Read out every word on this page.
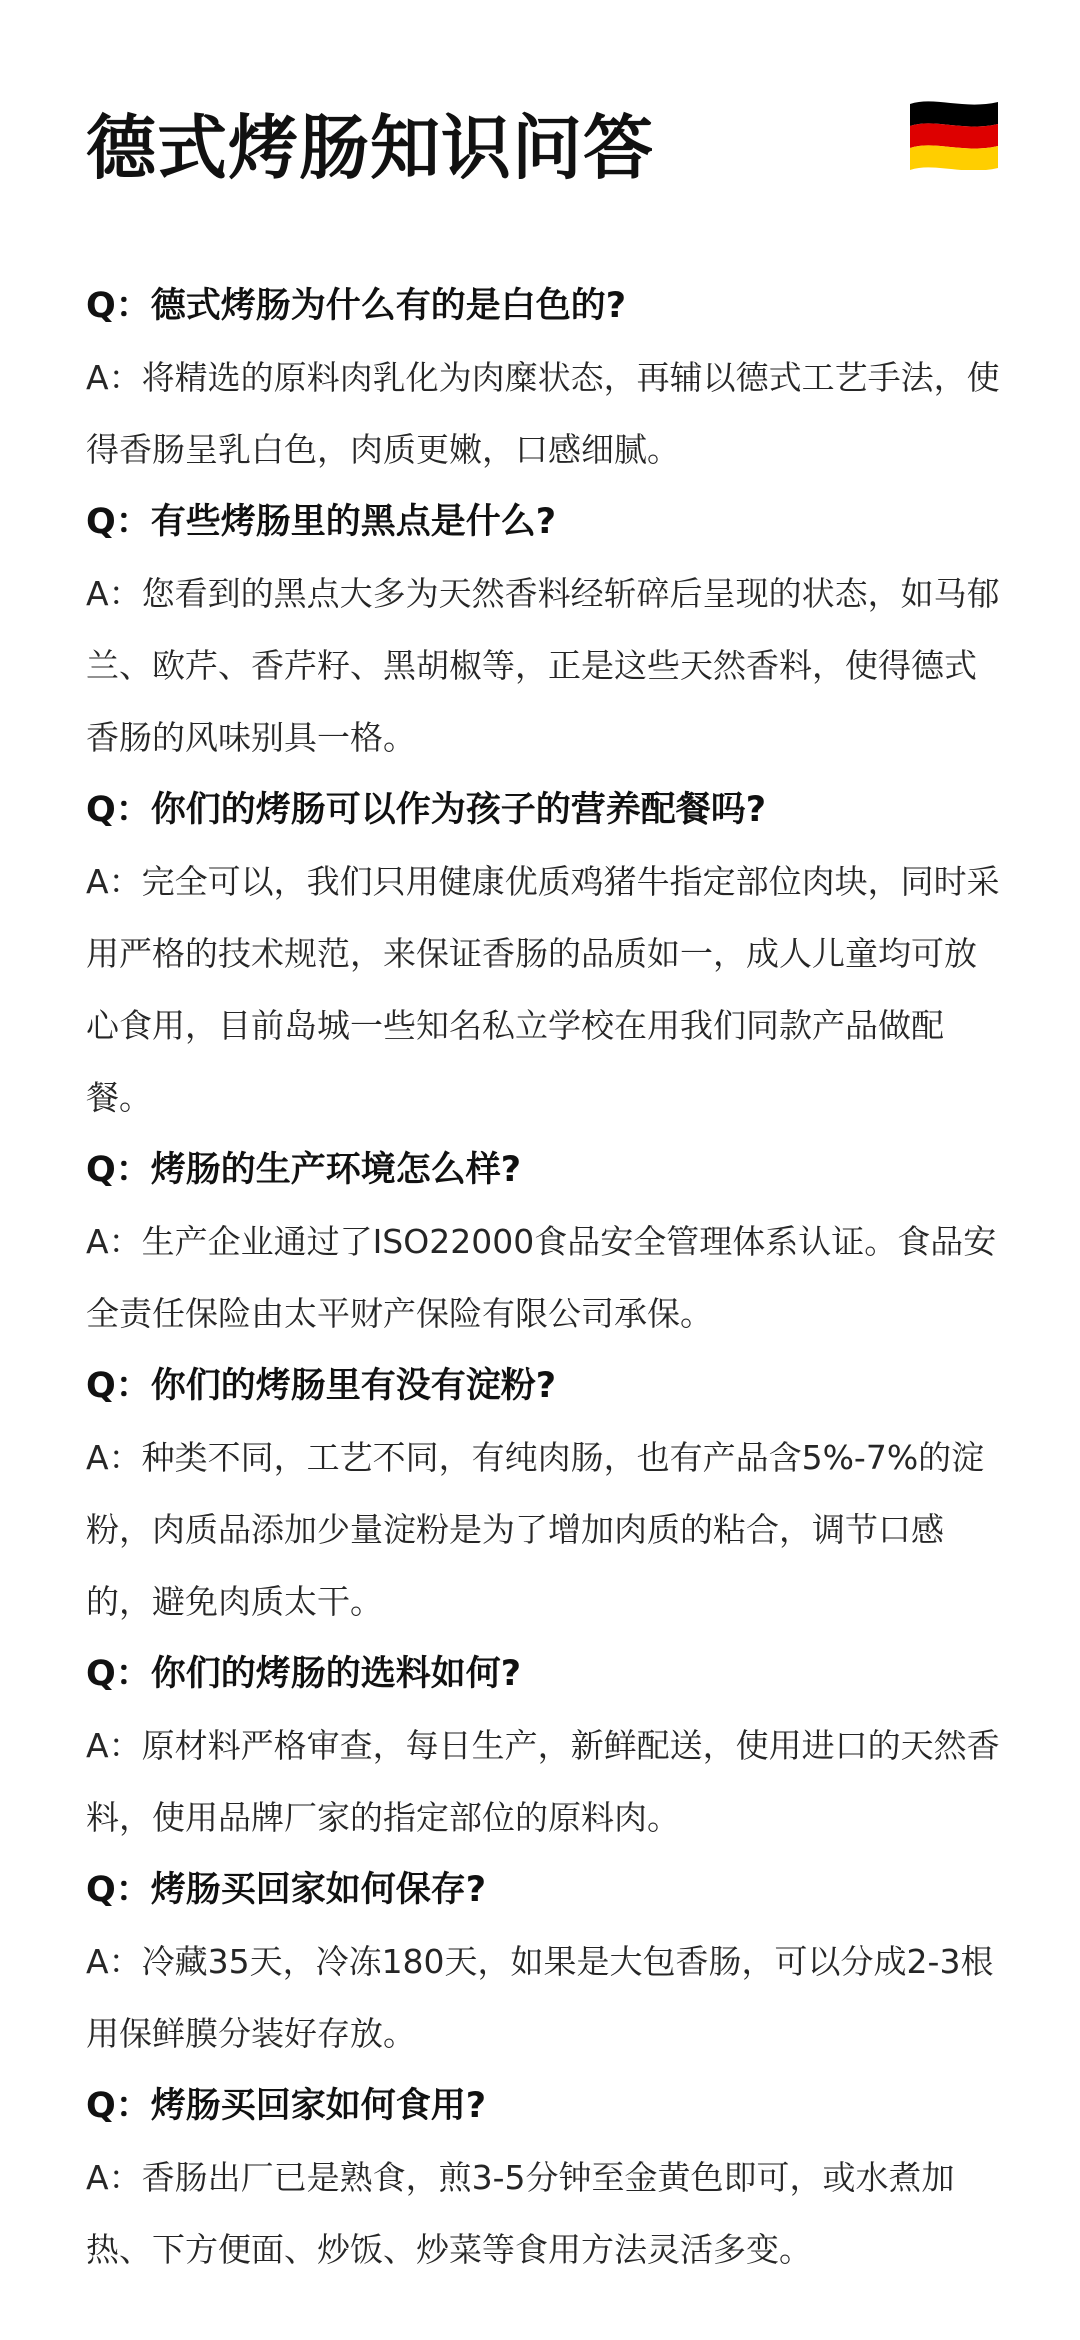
德式烤肠知识问答
Q：德式烤肠为什么有的是白色的?

A：将精选的原料肉乳化为肉糜状态，再辅以德式工艺手法，使得香肠呈乳白色，肉质更嫩，口感细腻。

Q：有些烤肠里的黑点是什么?

A：您看到的黑点大多为天然香料经斩碎后呈现的状态，如马郁兰、欧芹、香芹籽、黑胡椒等，正是这些天然香料，使得德式香肠的风味别具一格。

Q：你们的烤肠可以作为孩子的营养配餐吗?

A：完全可以，我们只用健康优质鸡猪牛指定部位肉块，同时采用严格的技术规范，来保证香肠的品质如一，成人儿童均可放心食用，目前岛城一些知名私立学校在用我们同款产品做配餐。

Q：烤肠的生产环境怎么样?

A：生产企业通过了ISO22000食品安全管理体系认证。食品安全责任保险由太平财产保险有限公司承保。

Q：你们的烤肠里有没有淀粉?

A：种类不同，工艺不同，有纯肉肠，也有产品含5%-7%的淀粉，肉质品添加少量淀粉是为了增加肉质的粘合，调节口感的，避免肉质太干。

Q：你们的烤肠的选料如何?

A：原材料严格审查，每日生产，新鲜配送，使用进口的天然香料，使用品牌厂家的指定部位的原料肉。

Q：烤肠买回家如何保存?

A：冷藏35天，冷冻180天，如果是大包香肠，可以分成2-3根用保鲜膜分装好存放。

Q：烤肠买回家如何食用?

A：香肠出厂已是熟食，煎3-5分钟至金黄色即可，或水煮加热、下方便面、炒饭、炒菜等食用方法灵活多变。
